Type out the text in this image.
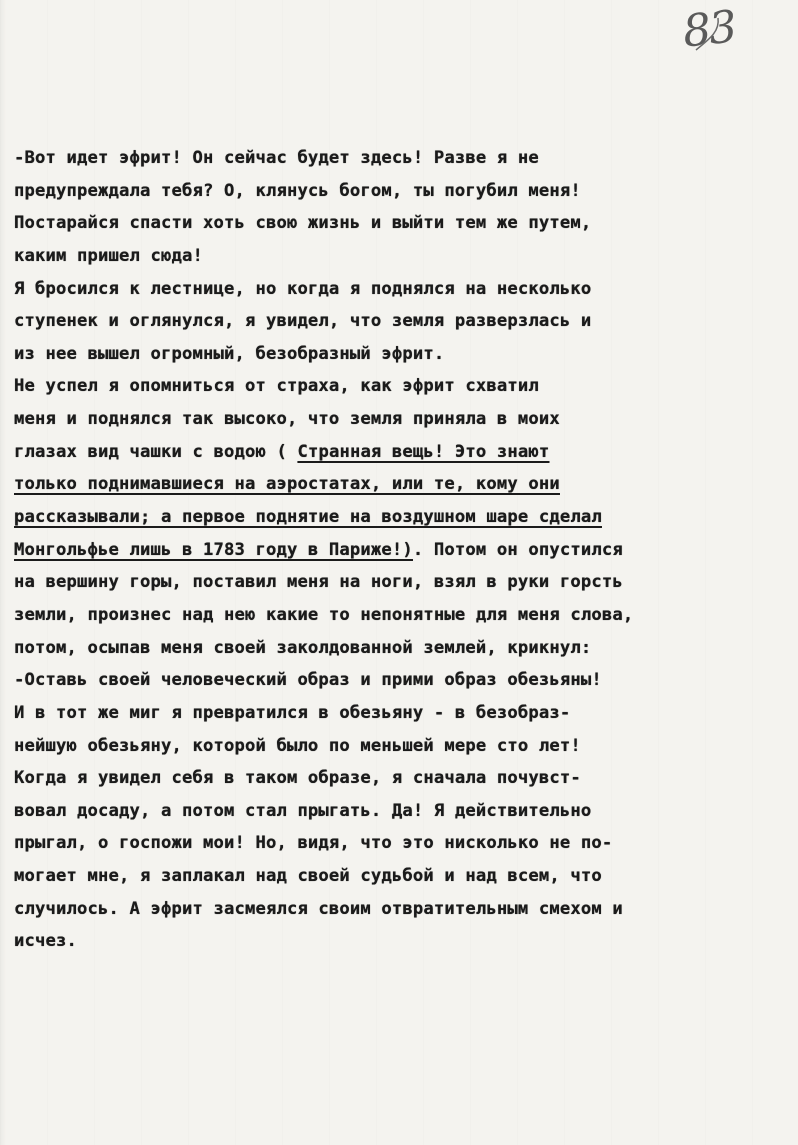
83

-Вот идет эфрит! Он сейчас будет здесь! Разве я не

предупреждала тебя? О, клянусь богом, ты погубил меня!

Постарайся спасти хоть свою жизнь и выйти тем же путем,

каким пришел сюда!

Я бросился к лестнице, но когда я поднялся на несколько

ступенек и оглянулся, я увидел, что земля разверзлась и

из нее вышел огромный, безобразный эфрит.

Не успел я опомниться от страха, как эфрит схватил

меня и поднялся так высоко, что земля приняла в моих

глазах вид чашки с водою ( Странная вещь! Это знают

только поднимавшиеся на аэростатах, или те, кому они

рассказывали; а первое поднятие на воздушном шаре сделал

Монгольфье лишь в 1783 году в Париже!). Потом он опустился

на вершину горы, поставил меня на ноги, взял в руки горсть

земли, произнес над нею какие то непонятные для меня слова,

потом, осыпав меня своей заколдованной землей, крикнул:

-Оставь своей человеческий образ и прими образ обезьяны!

И в тот же миг я превратился в обезьяну - в безобраз-

нейшую обезьяну, которой было по меньшей мере сто лет!

Когда я увидел себя в таком образе, я сначала почувст-

вовал досаду, а потом стал прыгать. Да! Я действительно

прыгал, о госпожи мои! Но, видя, что это нисколько не по-

могает мне, я заплакал над своей судьбой и над всем, что

случилось. А эфрит засмеялся своим отвратительным смехом и

исчез.
